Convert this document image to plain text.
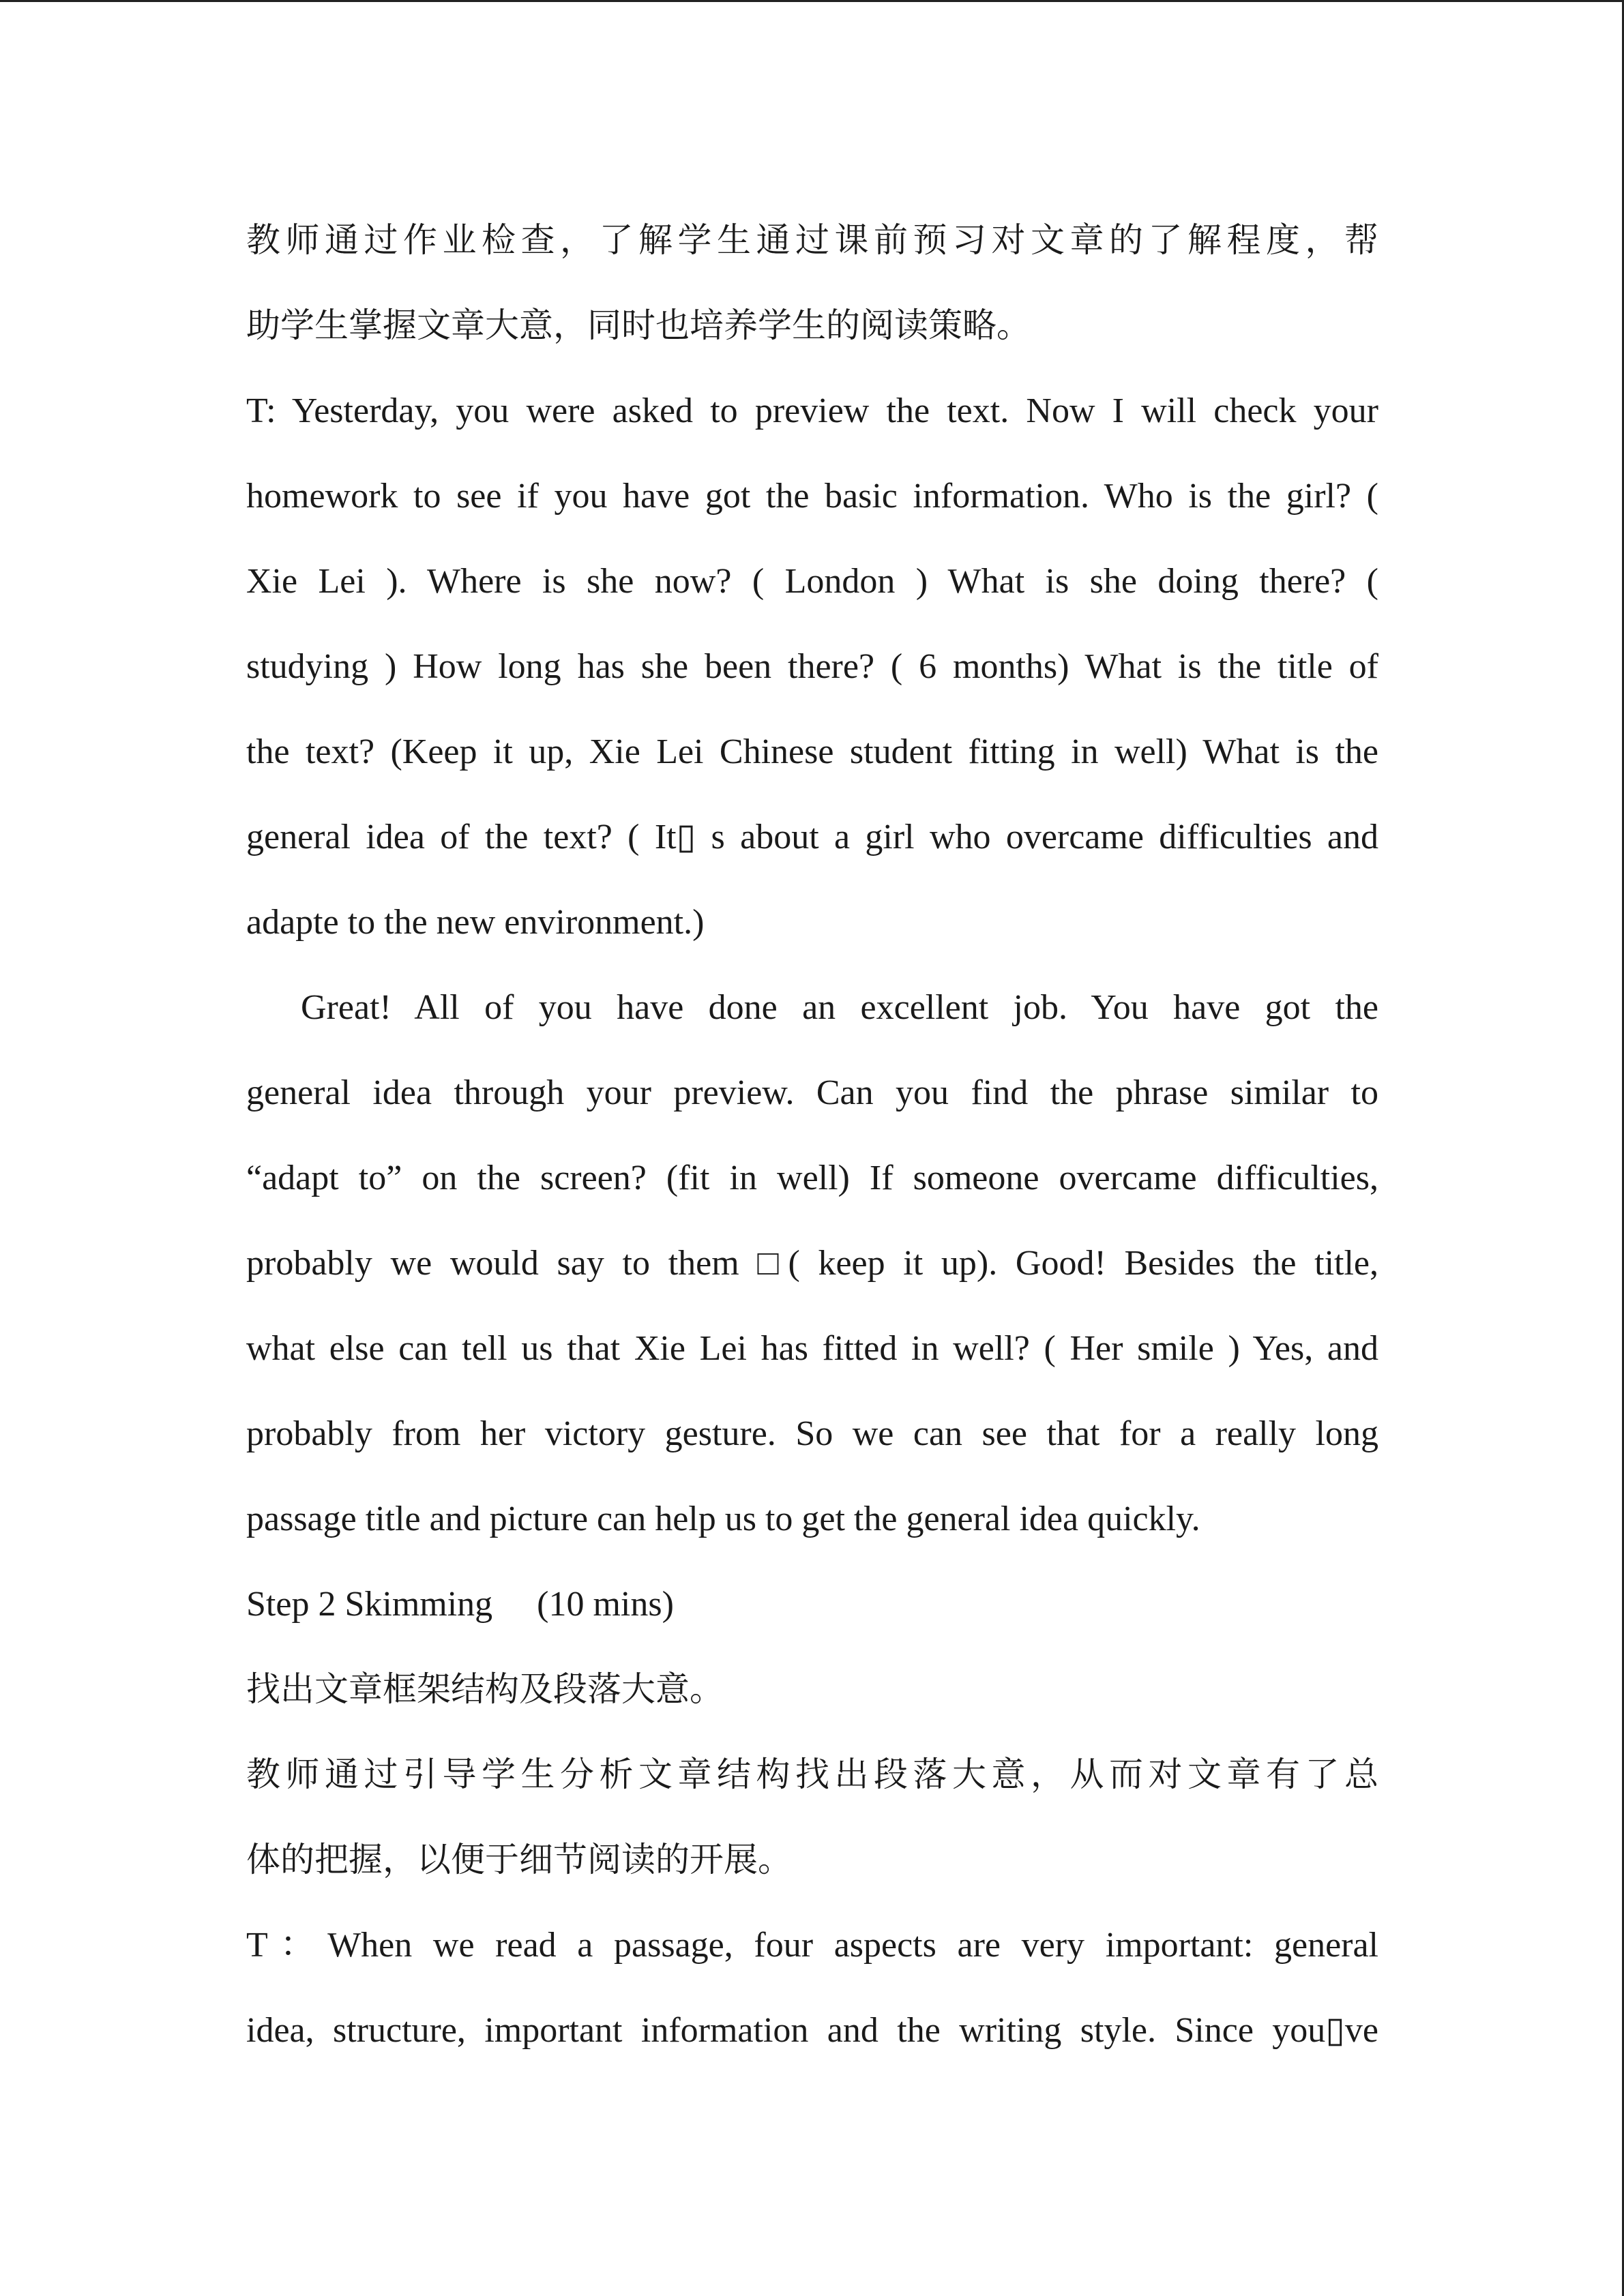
教师通过作业检查，了解学生通过课前预习对文章的了解程度，帮
助学生掌握文章大意，同时也培养学生的阅读策略。
T: Yesterday, you were asked to preview the text. Now I will check your
homework to see if you have got the basic information. Who is the girl? (
Xie Lei ). Where is she now? ( London ) What is she doing there? (
studying ) How long has she been there? ( 6 months) What is the title of
the text? (Keep it up, Xie Lei Chinese student fitting in well) What is the
general idea of the text? ( It▯ s about a girl who overcame difficulties and
adapte to the new environment.)
Great! All of you have done an excellent job. You have got the
general idea through your preview. Can you find the phrase similar to
“adapt to” on the screen? (fit in well) If someone overcame difficulties,
probably we would say to them □( keep it up). Good! Besides the title,
what else can tell us that Xie Lei has fitted in well? ( Her smile ) Yes, and
probably from her victory gesture. So we can see that for a really long
passage title and picture can help us to get the general idea quickly.
Step 2 Skimming 　(10 mins)
找出文章框架结构及段落大意。
教师通过引导学生分析文章结构找出段落大意，从而对文章有了总
体的把握，以便于细节阅读的开展。
T：When we read a passage, four aspects are very important: general
idea, structure, important information and the writing style. Since you▯ve
